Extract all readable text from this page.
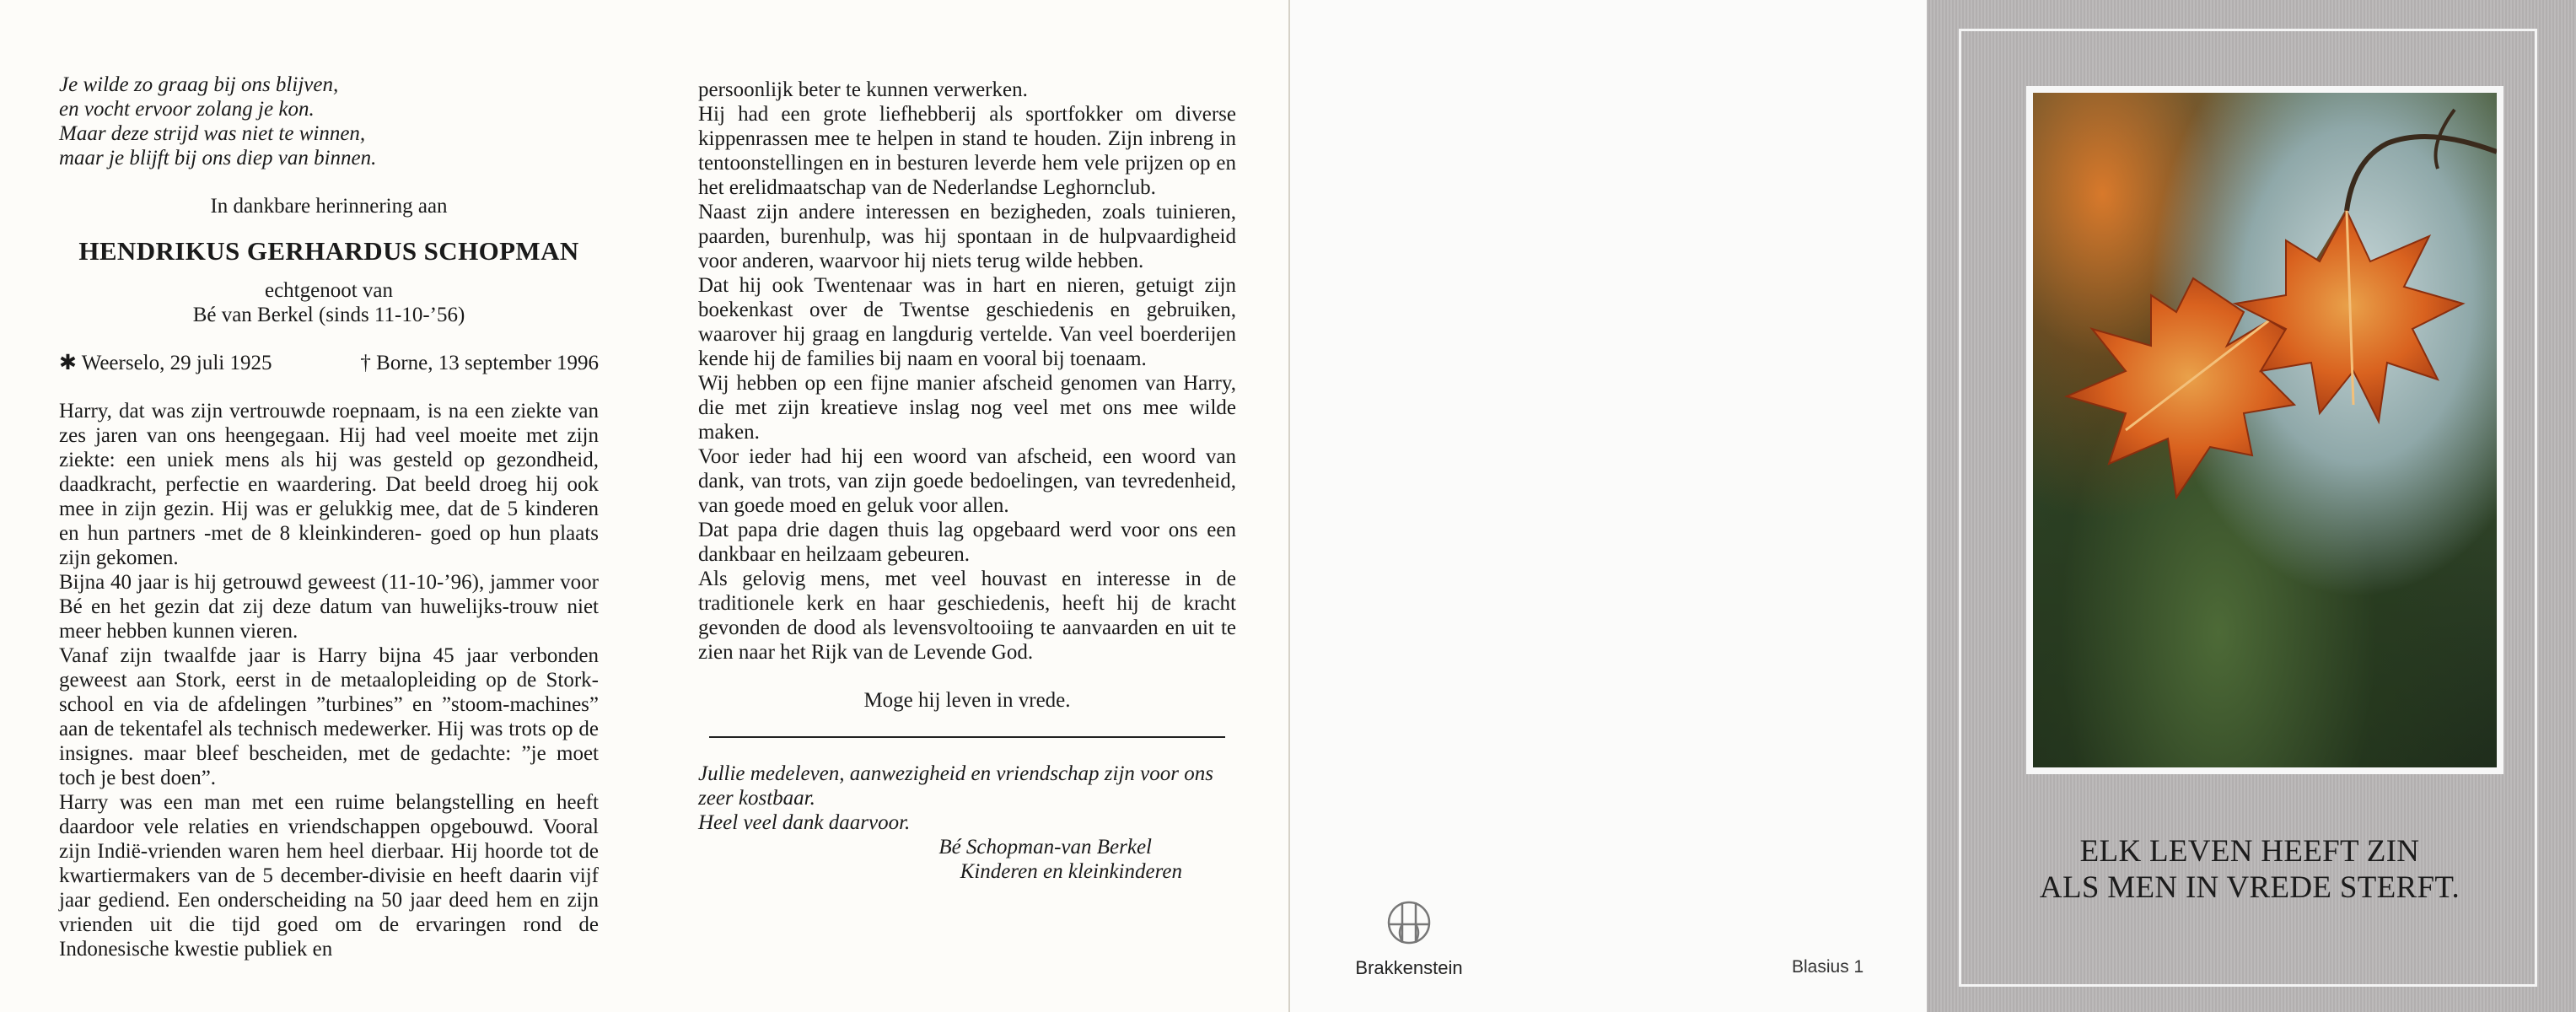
Je wilde zo graag bij ons blijven,

en vocht ervoor zolang je kon.

Maar deze strijd was niet te winnen,

maar je blijft bij ons diep van binnen.

In dankbare herinnering aan
HENDRIKUS GERHARDUS SCHOPMAN
echtgenoot van
Bé van Berkel (sinds 11-10-’56)
✱ Weerselo, 29 juli 1925	† Borne, 13 september 1996

Harry, dat was zijn vertrouwde roepnaam, is na een ziekte van zes jaren van ons heengegaan. Hij had veel moeite met zijn ziekte: een uniek mens als hij was gesteld op gezondheid, daadkracht, perfectie en waardering. Dat beeld droeg hij ook mee in zijn gezin. Hij was er gelukkig mee, dat de 5 kinderen en hun partners -met de 8 kleinkinderen- goed op hun plaats zijn gekomen.

Bijna 40 jaar is hij getrouwd geweest (11-10-’96), jammer voor Bé en het gezin dat zij deze datum van huwelijks-trouw niet meer hebben kunnen vieren.

Vanaf zijn twaalfde jaar is Harry bijna 45 jaar verbonden geweest aan Stork, eerst in de metaalopleiding op de Stork-school en via de afdelingen ”turbines” en ”stoom-machines” aan de tekentafel als technisch medewerker. Hij was trots op de insignes. maar bleef bescheiden, met de gedachte: ”je moet toch je best doen”.

Harry was een man met een ruime belangstelling en heeft daardoor vele relaties en vriendschappen opgebouwd. Vooral zijn Indië-vrienden waren hem heel dierbaar. Hij hoorde tot de kwartiermakers van de 5 december-divisie en heeft daarin vijf jaar gediend. Een onderscheiding na 50 jaar deed hem en zijn vrienden uit die tijd goed om de ervaringen rond de Indonesische kwestie publiek en

persoonlijk beter te kunnen verwerken.

Hij had een grote liefhebberij als sportfokker om diverse kippenrassen mee te helpen in stand te houden. Zijn inbreng in tentoonstellingen en in besturen leverde hem vele prijzen op en het erelidmaatschap van de Nederlandse Leghornclub.

Naast zijn andere interessen en bezigheden, zoals tuinieren, paarden, burenhulp, was hij spontaan in de hulpvaardigheid voor anderen, waarvoor hij niets terug wilde hebben.

Dat hij ook Twentenaar was in hart en nieren, getuigt zijn boekenkast over de Twentse geschiedenis en gebruiken, waarover hij graag en langdurig vertelde. Van veel boerderijen kende hij de families bij naam en vooral bij toenaam.

Wij hebben op een fijne manier afscheid genomen van Harry, die met zijn kreatieve inslag nog veel met ons mee wilde maken.

Voor ieder had hij een woord van afscheid, een woord van dank, van trots, van zijn goede bedoelingen, van tevredenheid, van goede moed en geluk voor allen.

Dat papa drie dagen thuis lag opgebaard werd voor ons een dankbaar en heilzaam gebeuren.

Als gelovig mens, met veel houvast en interesse in de traditionele kerk en haar geschiedenis, heeft hij de kracht gevonden de dood als levensvoltooiing te aanvaarden en uit te zien naar het Rijk van de Levende God.

Moge hij leven in vrede.
Jullie medeleven, aanwezigheid en vriendschap zijn voor ons zeer kostbaar.
Heel veel dank daarvoor.
Bé Schopman-van Berkel
Kinderen en kleinkinderen
Brakkenstein	Blasius 1
ELK LEVEN HEEFT ZIN
ALS MEN IN VREDE STERFT.
